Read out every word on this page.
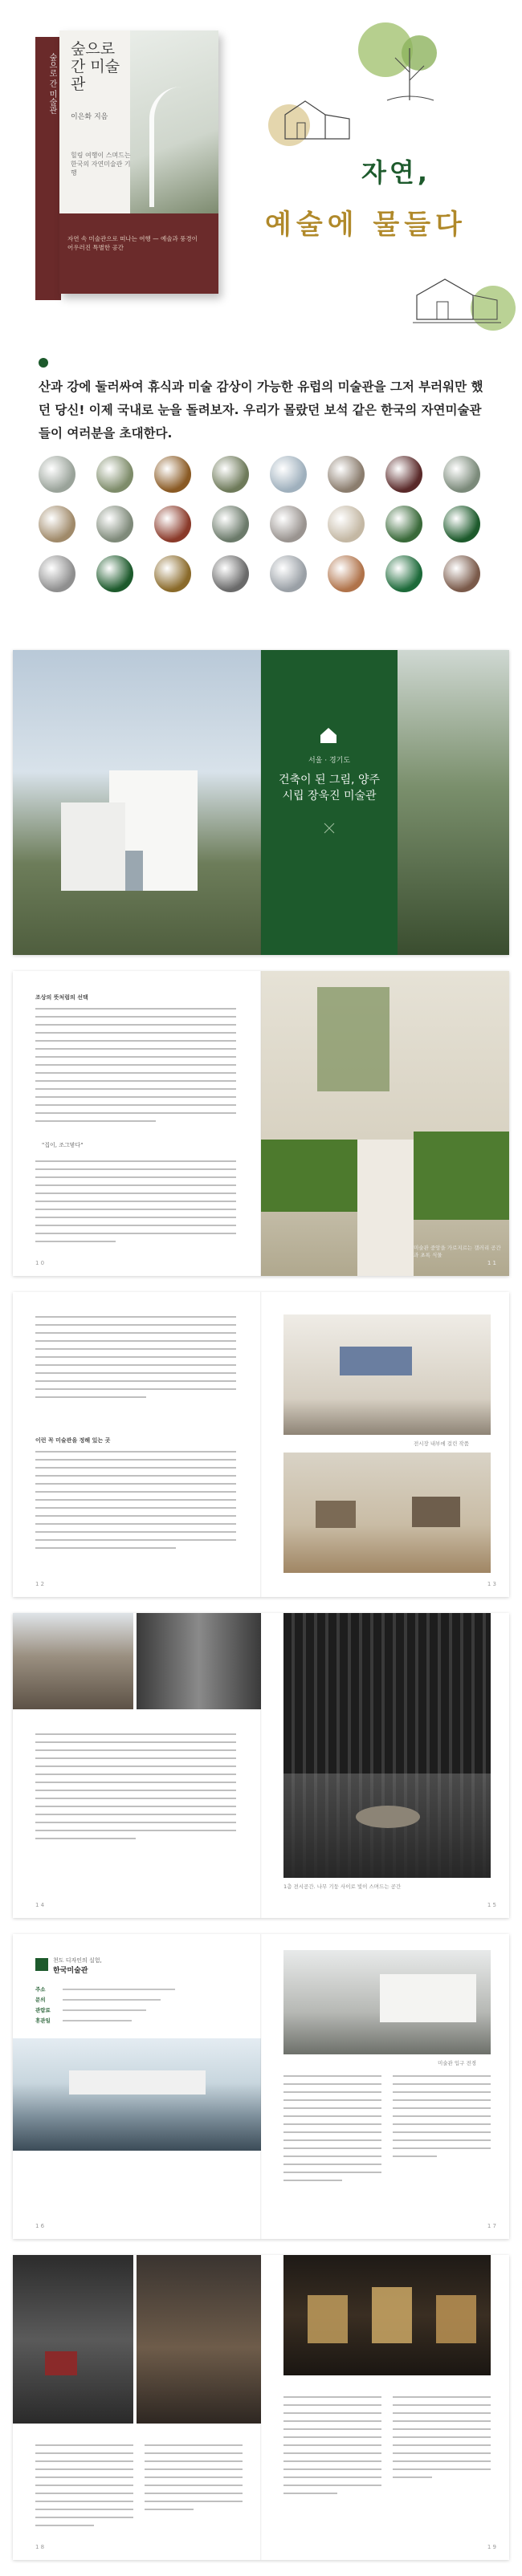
숲으로 간 미술관
숲으로 간 미술관
이은화 지음
힐링 여행이 스며드는 한국의 자연미술관 기행
자연 속 미술관으로 떠나는 여행 — 예술과 풍경이 어우러진 특별한 공간
자연,
예술에 물들다
산과 강에 둘러싸여 휴식과 미술 감상이 가능한 유럽의 미술관을 그저 부러워만 했던 당신! 이제 국내로 눈을 돌려보자. 우리가 몰랐던 보석 같은 한국의 자연미술관들이 여러분을 초대한다.
서울 · 경기도
건축이 된 그림, 양주시립 장욱진 미술관
조상의 뜻처럼의 선택
"집이, 조그맣다"
1 0
미술관 중앙을 가로지르는 갤러리 공간과 초록 식물
1 1
이런 꼭 미술관을 정해 있는 곳
1 2
전시장 내부에 걸린 작품
1 3
1 4
1층 전시공간. 나무 기둥 사이로 빛이 스며드는 공간
1 5
천도 디자인의 실험,
한국미술관
주소
문의
관람료
휴관일
1 6
미술관 입구 전경
1 7
1 8	1 9
